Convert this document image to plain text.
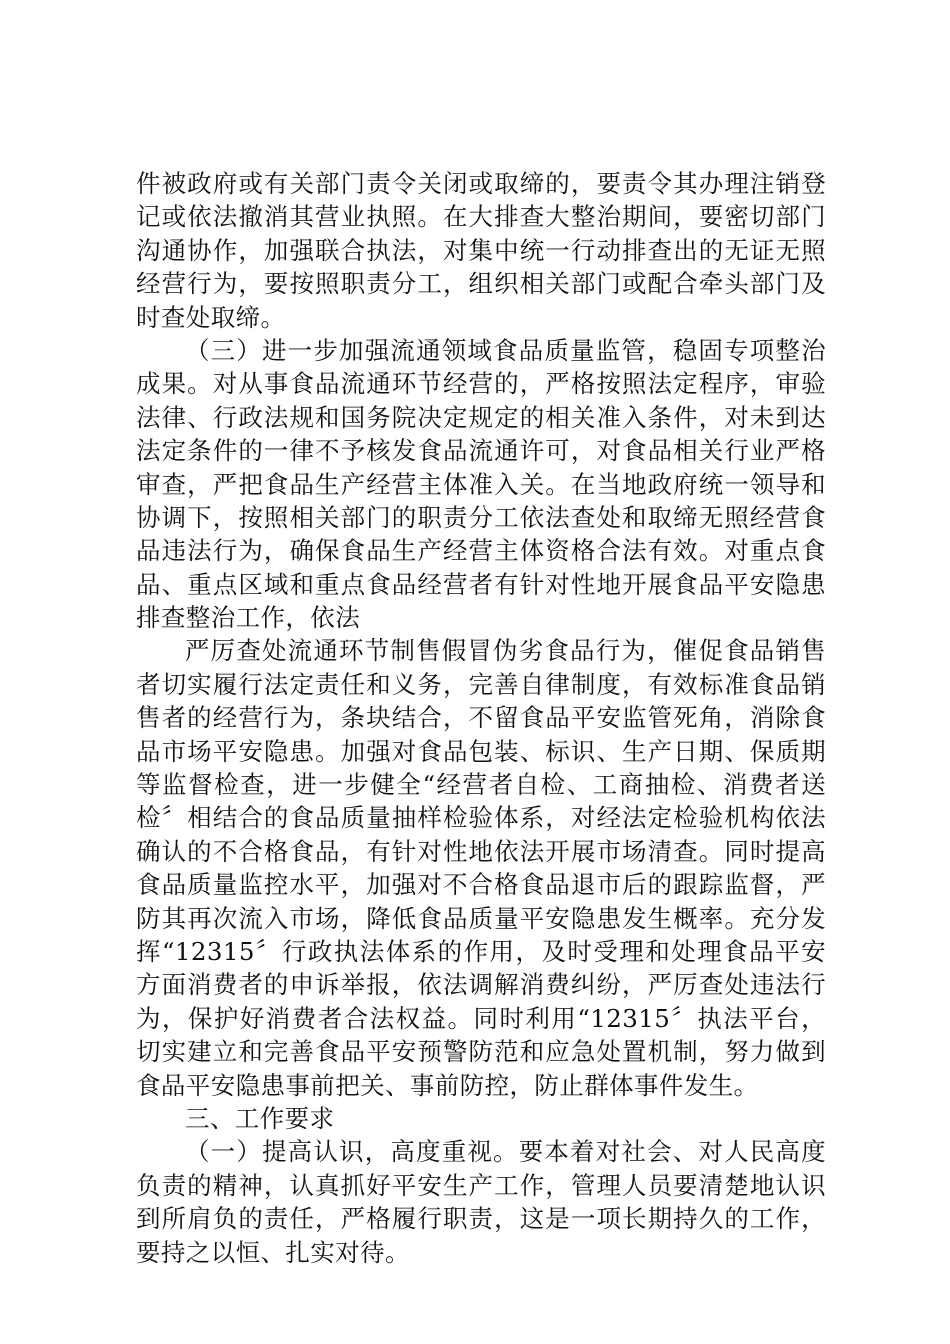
件被政府或有关部门责令关闭或取缔的，要责令其办理注销登
记或依法撤消其营业执照。在大排查大整治期间，要密切部门
沟通协作，加强联合执法，对集中统一行动排查出的无证无照
经营行为，要按照职责分工，组织相关部门或配合牵头部门及
时查处取缔。
（三）进一步加强流通领域食品质量监管，稳固专项整治
成果。对从事食品流通环节经营的，严格按照法定程序，审验
法律、行政法规和国务院决定规定的相关准入条件，对未到达
法定条件的一律不予核发食品流通许可，对食品相关行业严格
审查，严把食品生产经营主体准入关。在当地政府统一领导和
协调下，按照相关部门的职责分工依法查处和取缔无照经营食
品违法行为，确保食品生产经营主体资格合法有效。对重点食
品、重点区域和重点食品经营者有针对性地开展食品平安隐患
排查整治工作，依法
严厉查处流通环节制售假冒伪劣食品行为，催促食品销售
者切实履行法定责任和义务，完善自律制度，有效标准食品销
售者的经营行为，条块结合，不留食品平安监管死角，消除食
品市场平安隐患。加强对食品包装、标识、生产日期、保质期
等监督检查，进一步健全“经营者自检、工商抽检、消费者送
检〞相结合的食品质量抽样检验体系，对经法定检验机构依法
确认的不合格食品，有针对性地依法开展市场清查。同时提高
食品质量监控水平，加强对不合格食品退市后的跟踪监督，严
防其再次流入市场，降低食品质量平安隐患发生概率。充分发
挥“12315〞行政执法体系的作用，及时受理和处理食品平安
方面消费者的申诉举报，依法调解消费纠纷，严厉查处违法行
为，保护好消费者合法权益。同时利用“12315〞执法平台，
切实建立和完善食品平安预警防范和应急处置机制，努力做到
食品平安隐患事前把关、事前防控，防止群体事件发生。
三、工作要求
（一）提高认识，高度重视。要本着对社会、对人民高度
负责的精神，认真抓好平安生产工作，管理人员要清楚地认识
到所肩负的责任，严格履行职责，这是一项长期持久的工作，
要持之以恒、扎实对待。
